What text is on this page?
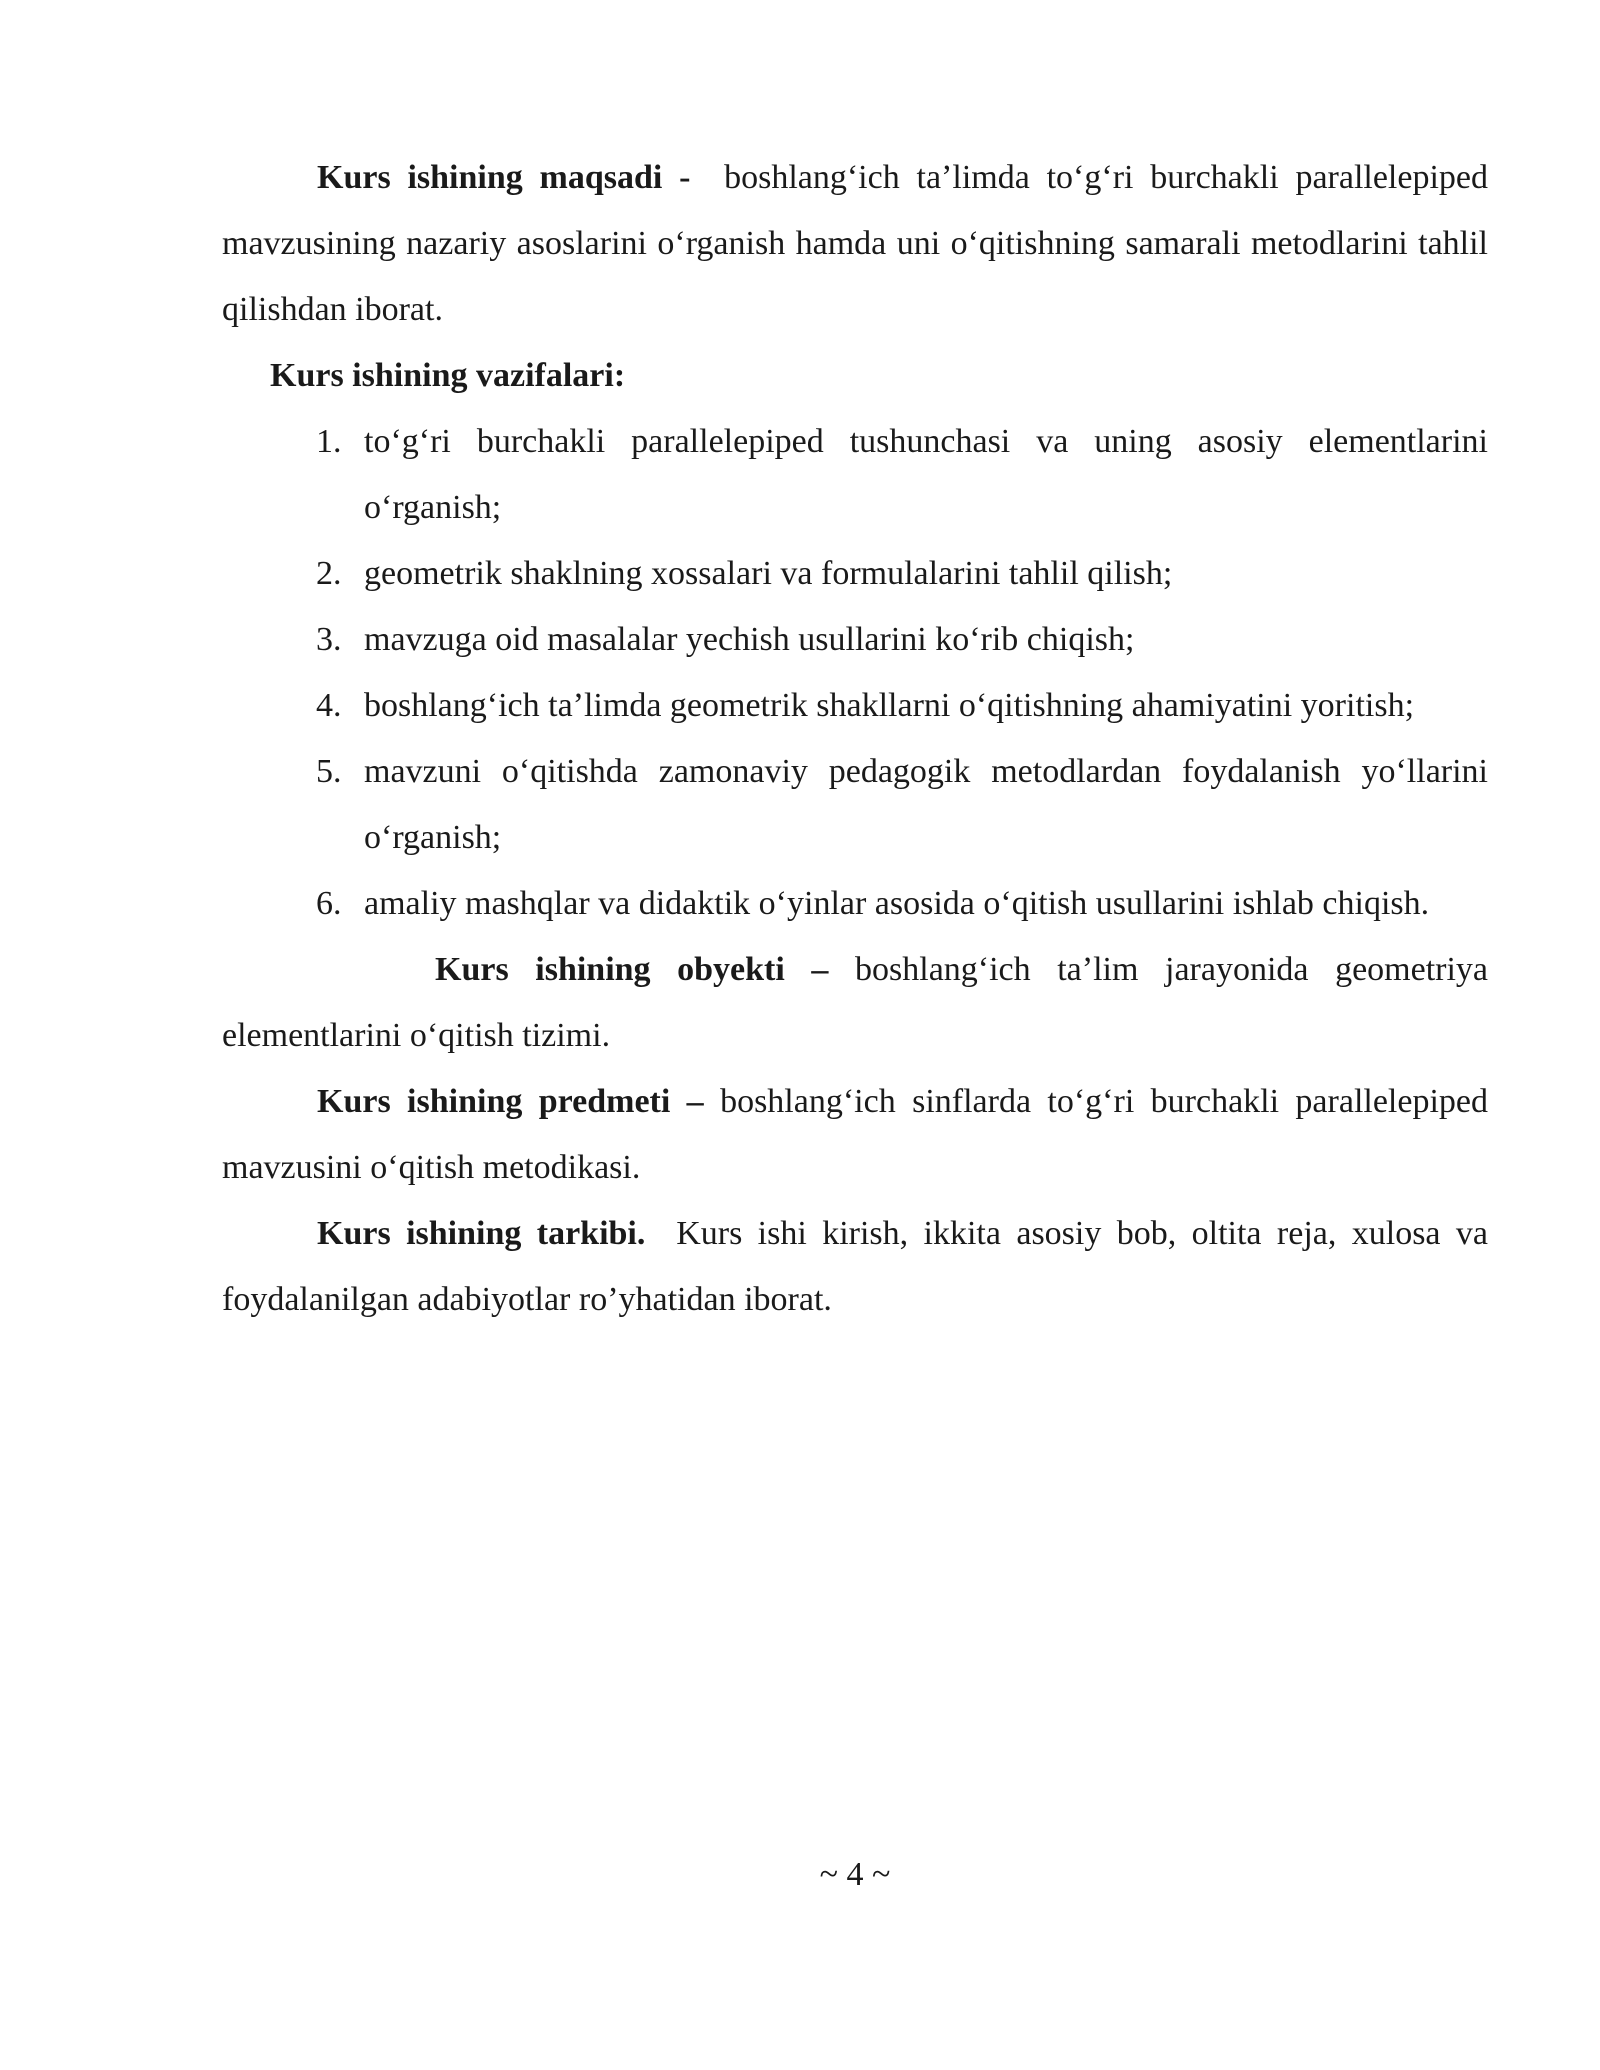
Kurs ishining maqsadi - boshlangʻich taʼlimda toʻgʻri burchakli parallelepiped mavzusining nazariy asoslarini oʻrganish hamda uni oʻqitishning samarali metodlarini tahlil qilishdan iborat.

Kurs ishining vazifalari:

1. toʻgʻri burchakli parallelepiped tushunchasi va uning asosiy elementlarini oʻrganish;
2. geometrik shaklning xossalari va formulalarini tahlil qilish;
3. mavzuga oid masalalar yechish usullarini koʻrib chiqish;
4. boshlangʻich taʼlimda geometrik shakllarni oʻqitishning ahamiyatini yoritish;
5. mavzuni oʻqitishda zamonaviy pedagogik metodlardan foydalanish yoʻllarini oʻrganish;
6. amaliy mashqlar va didaktik oʻyinlar asosida oʻqitish usullarini ishlab chiqish.

Kurs ishining obyekti – boshlangʻich taʼlim jarayonida geometriya elementlarini oʻqitish tizimi.

Kurs ishining predmeti – boshlangʻich sinflarda toʻgʻri burchakli parallelepiped mavzusini oʻqitish metodikasi.

Kurs ishining tarkibi. Kurs ishi kirish, ikkita asosiy bob, oltita reja, xulosa va foydalanilgan adabiyotlar ro’yhatidan iborat.

~ 4 ~
